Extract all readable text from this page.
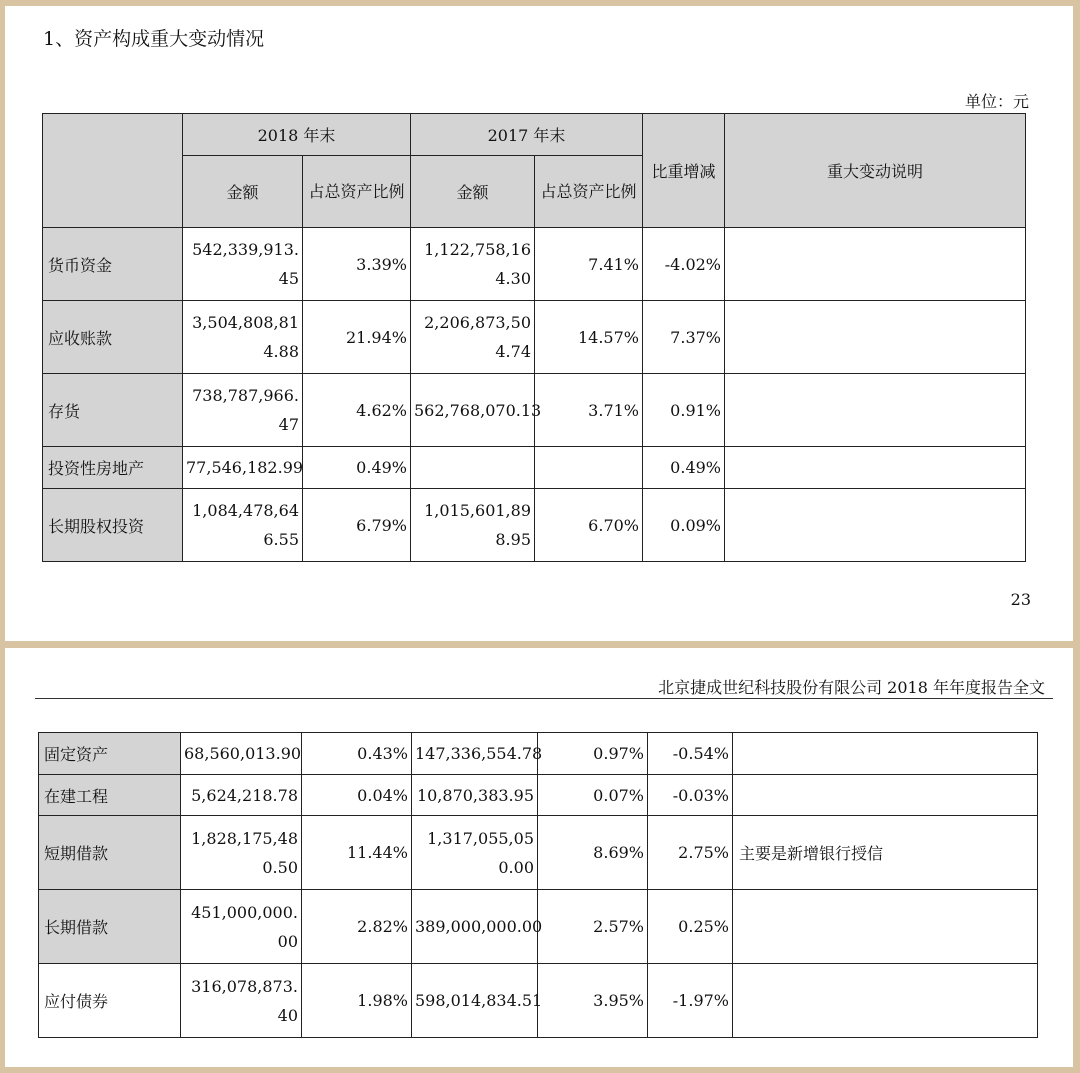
1、资产构成重大变动情况
单位：元
	2018 年末		2017 年末		比重增减	重大变动说明
	金额	占总资产比例	金额	占总资产比例		
货币资金	542,339,913.45	3.39%	1,122,758,164.30	7.41%	-4.02%	
应收账款	3,504,808,814.88	21.94%	2,206,873,504.74	14.57%	7.37%	
存货	738,787,966.47	4.62%	562,768,070.13	3.71%	0.91%	
投资性房地产	77,546,182.99	0.49%			0.49%	
长期股权投资	1,084,478,646.55	6.79%	1,015,601,898.95	6.70%	0.09%	
23
北京捷成世纪科技股份有限公司 2018 年年度报告全文
固定资产	68,560,013.90	0.43%	147,336,554.78	0.97%	-0.54%	
在建工程	5,624,218.78	0.04%	10,870,383.95	0.07%	-0.03%	
短期借款	1,828,175,480.50	11.44%	1,317,055,050.00	8.69%	2.75%	主要是新增银行授信
长期借款	451,000,000.00	2.82%	389,000,000.00	2.57%	0.25%	
应付债券	316,078,873.40	1.98%	598,014,834.51	3.95%	-1.97%	
